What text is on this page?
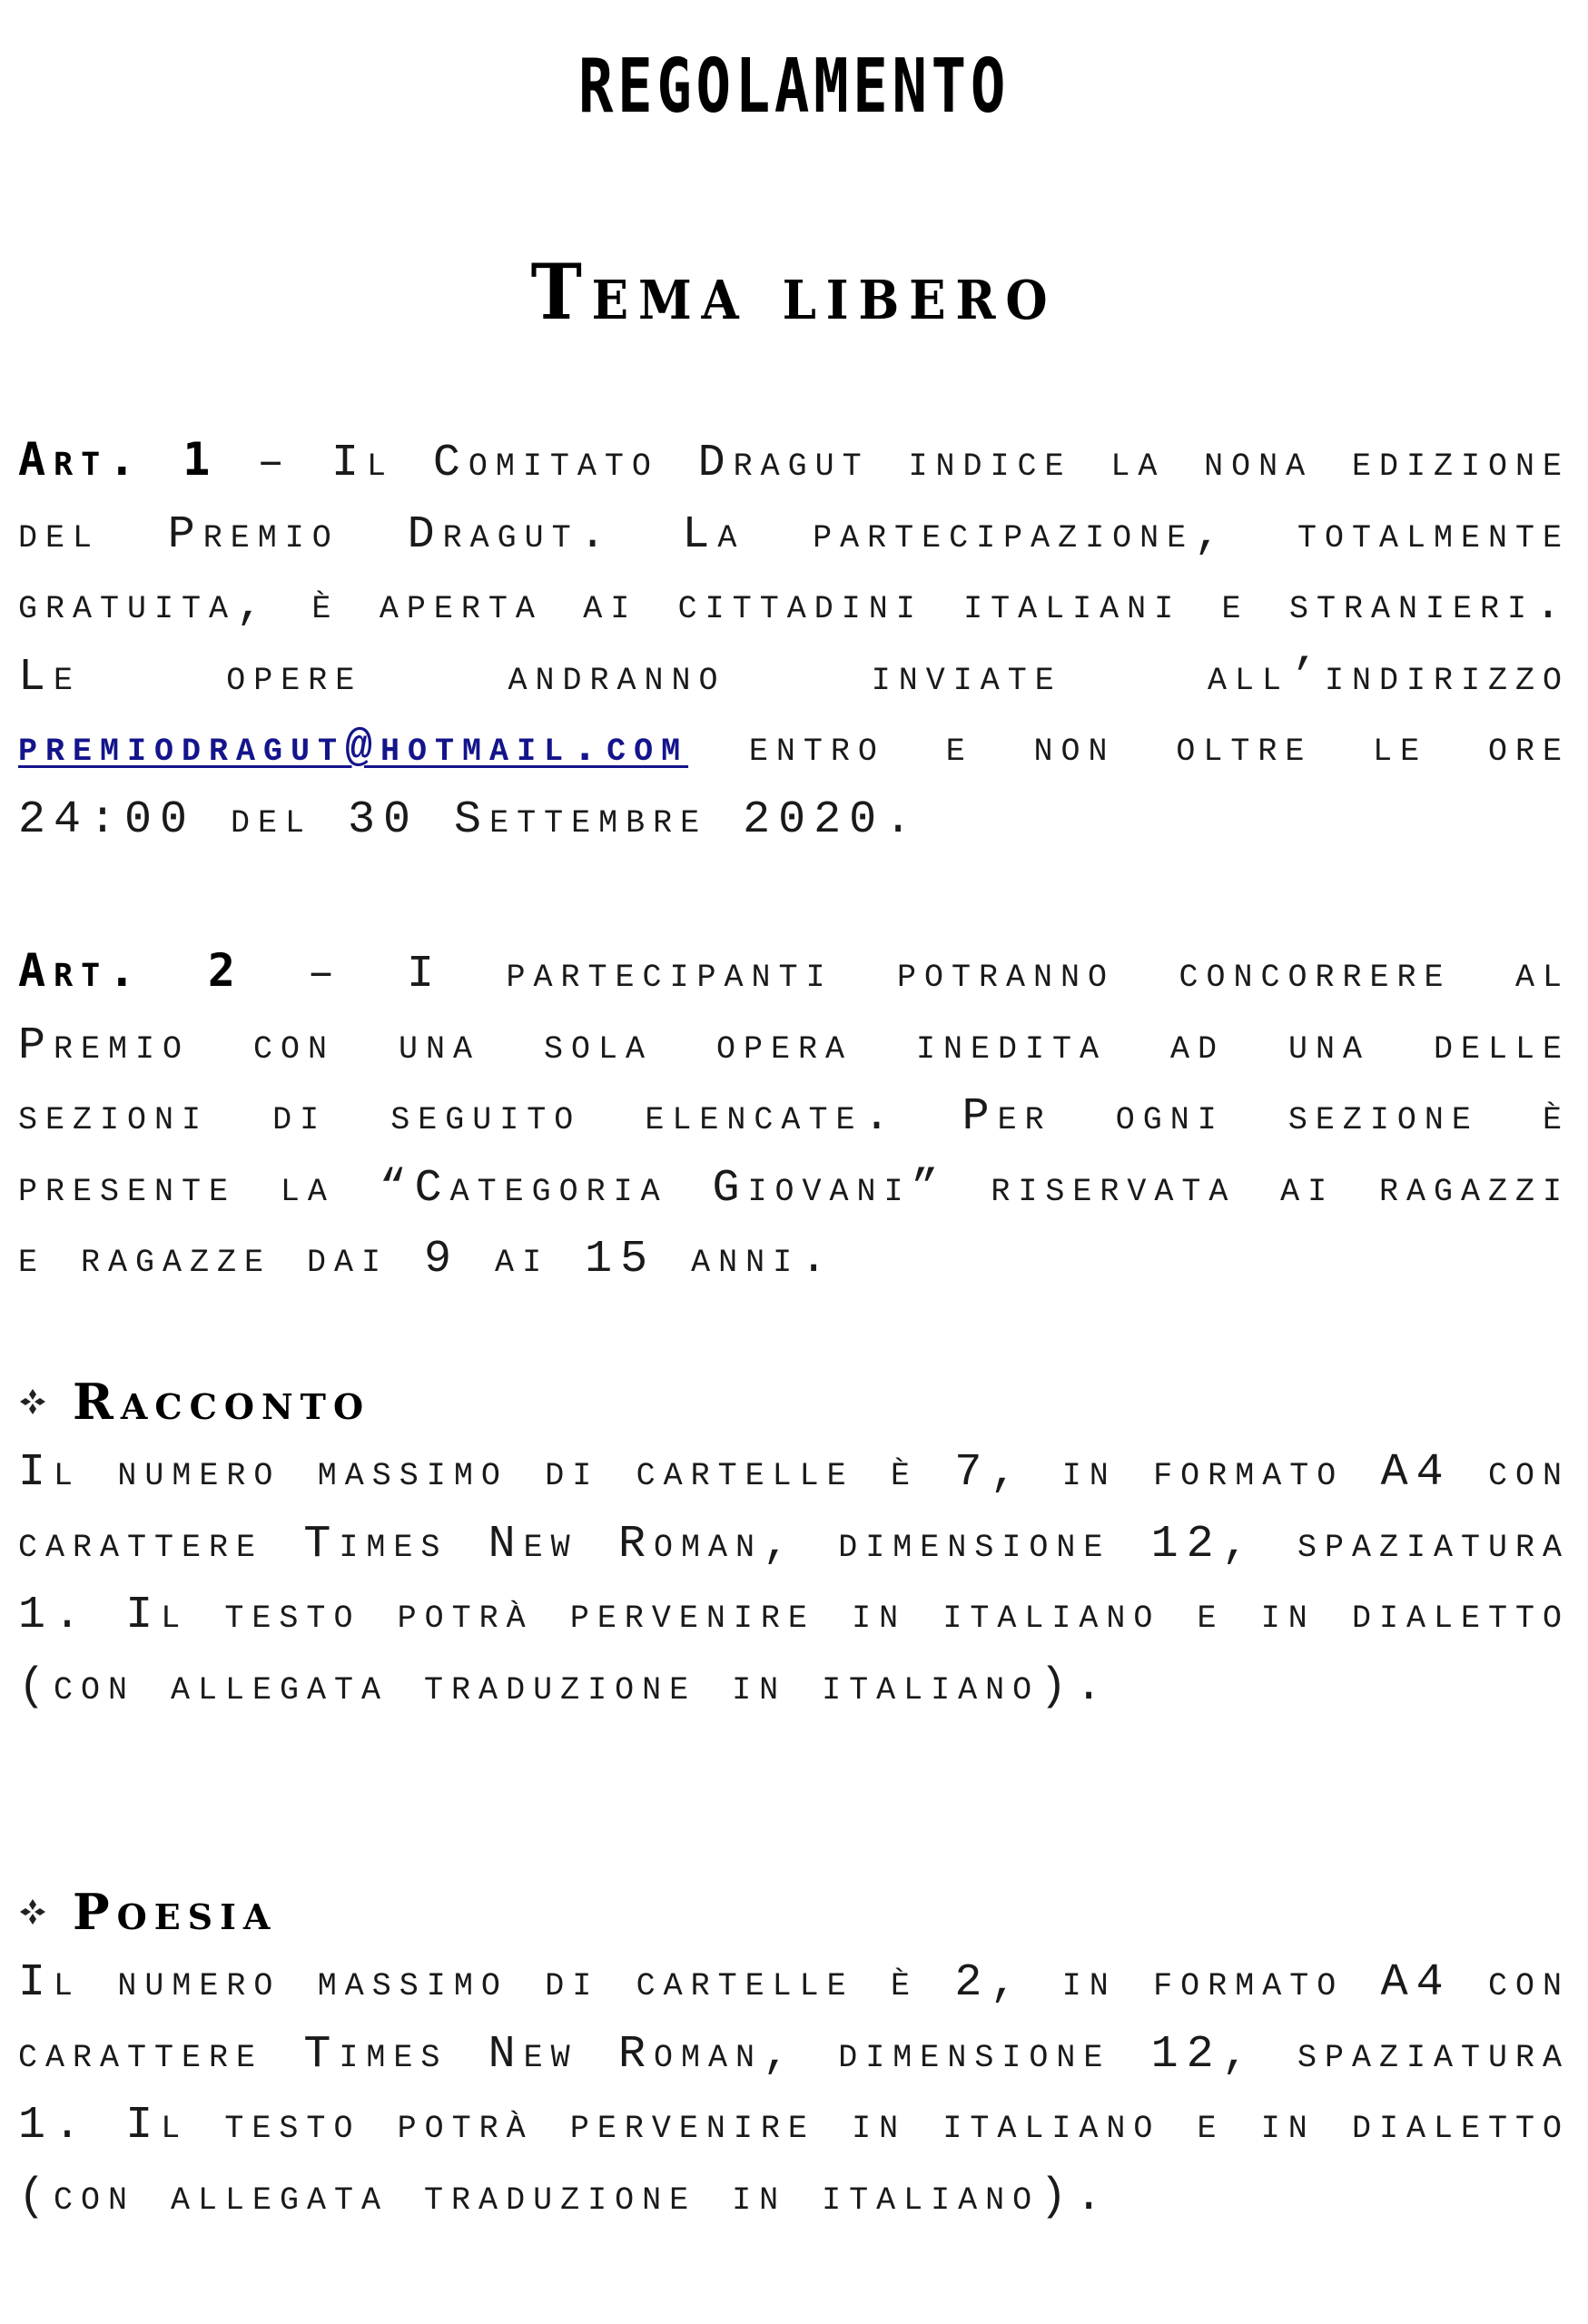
REGOLAMENTO
Tema libero
Art. 1 – Il Comitato Dragut indice la nona edizione del Premio Dragut. La partecipazione, totalmente gratuita, è aperta ai cittadini italiani e stranieri. Le opere andranno inviate all’indirizzo premiodragut@hotmail.com entro e non oltre le ore 24:00 del 30 Settembre 2020.
Art. 2 – I partecipanti potranno concorrere al Premio con una sola opera inedita ad una delle sezioni di seguito elencate. Per ogni sezione è presente la “Categoria Giovani” riservata ai ragazzi e ragazze dai 9 ai 15 anni.
Racconto
Il numero massimo di cartelle è 7, in formato A4 con carattere Times New Roman, dimensione 12, spaziatura 1. Il testo potrà pervenire in italiano e in dialetto (con allegata traduzione in italiano).
Poesia
Il numero massimo di cartelle è 2, in formato A4 con carattere Times New Roman, dimensione 12, spaziatura 1. Il testo potrà pervenire in italiano e in dialetto (con allegata traduzione in italiano).
